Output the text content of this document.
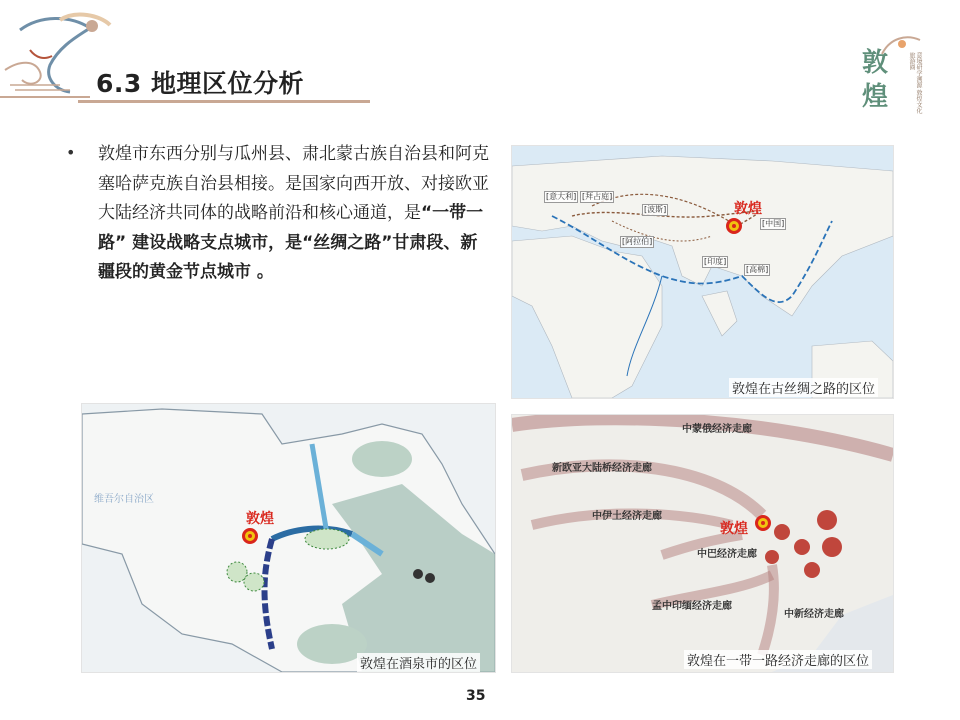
6.3 地理区位分析
敦
煌	意境研学溯源 敦煌文化旅游圈
• 敦煌市东西分别与瓜州县、肃北蒙古族自治县和阿克塞哈萨克族自治县相接。是国家向西开放、对接欧亚大陆经济共同体的战略前沿和核心通道，是“一带一路” 建设战略支点城市，是“丝绸之路”甘肃段、新疆段的黄金节点城市 。
[意大利] [拜占庭]
[波斯]
[中国]
[阿拉伯]
[印度]
[高棉]
敦煌
敦煌在古丝绸之路的区位
维吾尔自治区
敦煌
敦煌在酒泉市的区位
中蒙俄经济走廊
新欧亚大陆桥经济走廊
中伊土经济走廊
中巴经济走廊
孟中印缅经济走廊
中新经济走廊
敦煌
敦煌在一带一路经济走廊的区位
35
